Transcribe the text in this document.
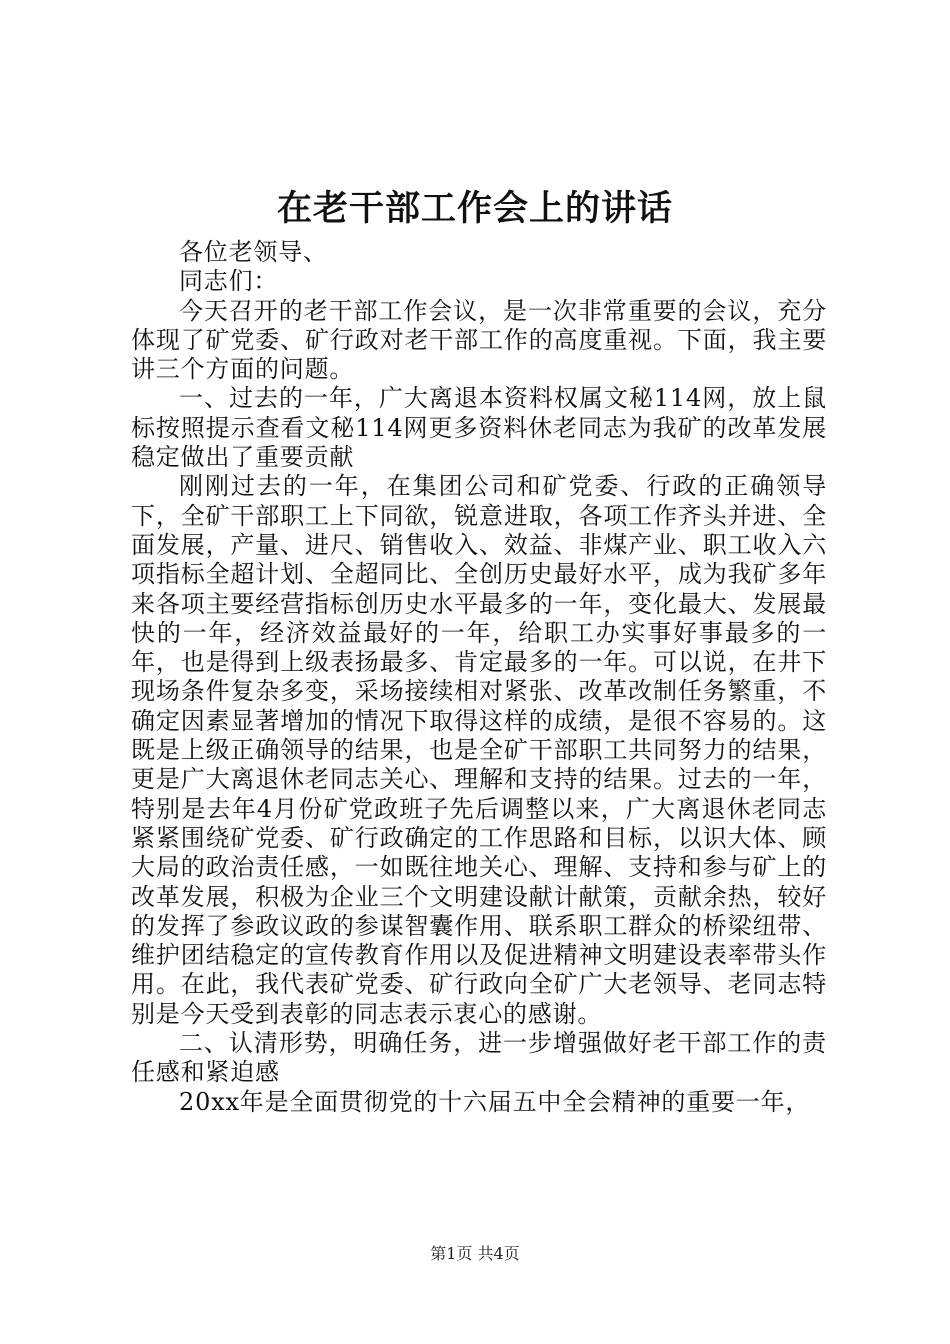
在老干部工作会上的讲话

各位老领导、

同志们：

今天召开的老干部工作会议，是一次非常重要的会议，充分体现了矿党委、矿行政对老干部工作的高度重视。下面，我主要讲三个方面的问题。

一、过去的一年，广大离退本资料权属文秘114网，放上鼠标按照提示查看文秘114网更多资料休老同志为我矿的改革发展稳定做出了重要贡献

刚刚过去的一年，在集团公司和矿党委、行政的正确领导下，全矿干部职工上下同欲，锐意进取，各项工作齐头并进、全面发展，产量、进尺、销售收入、效益、非煤产业、职工收入六项指标全超计划、全超同比、全创历史最好水平，成为我矿多年来各项主要经营指标创历史水平最多的一年，变化最大、发展最快的一年，经济效益最好的一年，给职工办实事好事最多的一年，也是得到上级表扬最多、肯定最多的一年。可以说，在井下现场条件复杂多变，采场接续相对紧张、改革改制任务繁重，不确定因素显著增加的情况下取得这样的成绩，是很不容易的。这既是上级正确领导的结果，也是全矿干部职工共同努力的结果，更是广大离退休老同志关心、理解和支持的结果。过去的一年，特别是去年4月份矿党政班子先后调整以来，广大离退休老同志紧紧围绕矿党委、矿行政确定的工作思路和目标，以识大体、顾大局的政治责任感，一如既往地关心、理解、支持和参与矿上的改革发展，积极为企业三个文明建设献计献策，贡献余热，较好的发挥了参政议政的参谋智囊作用、联系职工群众的桥梁纽带、维护团结稳定的宣传教育作用以及促进精神文明建设表率带头作用。在此，我代表矿党委、矿行政向全矿广大老领导、老同志特别是今天受到表彰的同志表示衷心的感谢。

二、认清形势，明确任务，进一步增强做好老干部工作的责任感和紧迫感

20xx年是全面贯彻党的十六届五中全会精神的重要一年，

第1页 共4页
